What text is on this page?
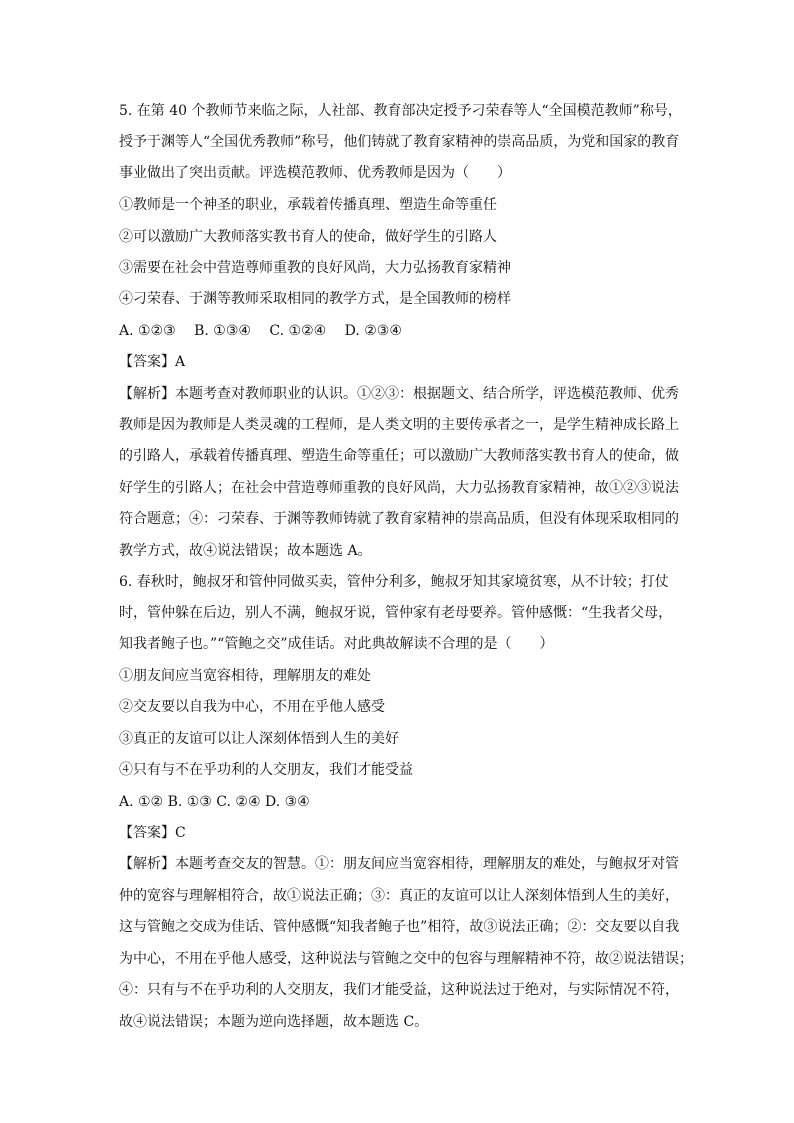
5. 在第 40 个教师节来临之际，人社部、教育部决定授予刁荣春等人“全国模范教师”称号，

授予于渊等人“全国优秀教师”称号，他们铸就了教育家精神的崇高品质，为党和国家的教育

事业做出了突出贡献。评选模范教师、优秀教师是因为（　　）

①教师是一个神圣的职业，承载着传播真理、塑造生命等重任

②可以激励广大教师落实教书育人的使命，做好学生的引路人

③需要在社会中营造尊师重教的良好风尚，大力弘扬教育家精神

④刁荣春、于渊等教师采取相同的教学方式，是全国教师的榜样

A. ①②③　 B. ①③④　 C. ①②④　 D. ②③④

【答案】A

【解析】本题考查对教师职业的认识。①②③：根据题文、结合所学，评选模范教师、优秀

教师是因为教师是人类灵魂的工程师，是人类文明的主要传承者之一，是学生精神成长路上

的引路人，承载着传播真理、塑造生命等重任；可以激励广大教师落实教书育人的使命，做

好学生的引路人；在社会中营造尊师重教的良好风尚，大力弘扬教育家精神，故①②③说法

符合题意；④：刁荣春、于渊等教师铸就了教育家精神的崇高品质，但没有体现采取相同的

教学方式，故④说法错误；故本题选 A。

6. 春秋时，鲍叔牙和管仲同做买卖，管仲分利多，鲍叔牙知其家境贫寒，从不计较；打仗

时，管仲躲在后边，别人不满，鲍叔牙说，管仲家有老母要养。管仲感慨：“生我者父母，

知我者鲍子也。”“管鲍之交”成佳话。对此典故解读不合理的是（　　）

①朋友间应当宽容相待，理解朋友的难处

②交友要以自我为中心，不用在乎他人感受

③真正的友谊可以让人深刻体悟到人生的美好

④只有与不在乎功利的人交朋友，我们才能受益

A. ①② B. ①③ C. ②④ D. ③④

【答案】C

【解析】本题考查交友的智慧。①：朋友间应当宽容相待，理解朋友的难处，与鲍叔牙对管

仲的宽容与理解相符合，故①说法正确；③：真正的友谊可以让人深刻体悟到人生的美好，

这与管鲍之交成为佳话、管仲感慨“知我者鲍子也”相符，故③说法正确；②：交友要以自我

为中心，不用在乎他人感受，这种说法与管鲍之交中的包容与理解精神不符，故②说法错误；

④：只有与不在乎功利的人交朋友，我们才能受益，这种说法过于绝对，与实际情况不符，

故④说法错误；本题为逆向选择题，故本题选 C。
